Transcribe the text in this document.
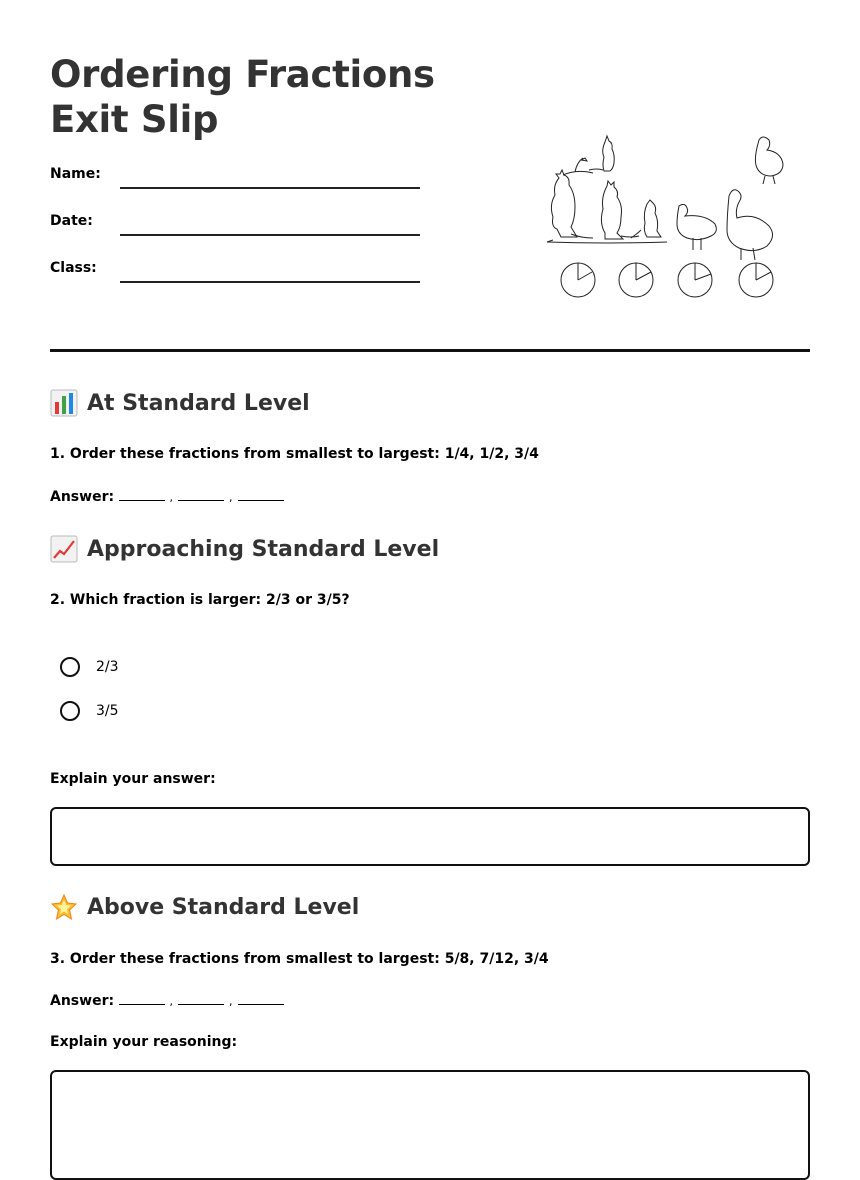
Ordering Fractions Exit Slip
Name:
Date:
Class:
At Standard Level
1. Order these fractions from smallest to largest: 1/4, 1/2, 3/4
Answer:	,	,
Approaching Standard Level
2. Which fraction is larger: 2/3 or 3/5?
2/3
3/5
Explain your answer:
Above Standard Level
3. Order these fractions from smallest to largest: 5/8, 7/12, 3/4
Answer:	,	,
Explain your reasoning:
